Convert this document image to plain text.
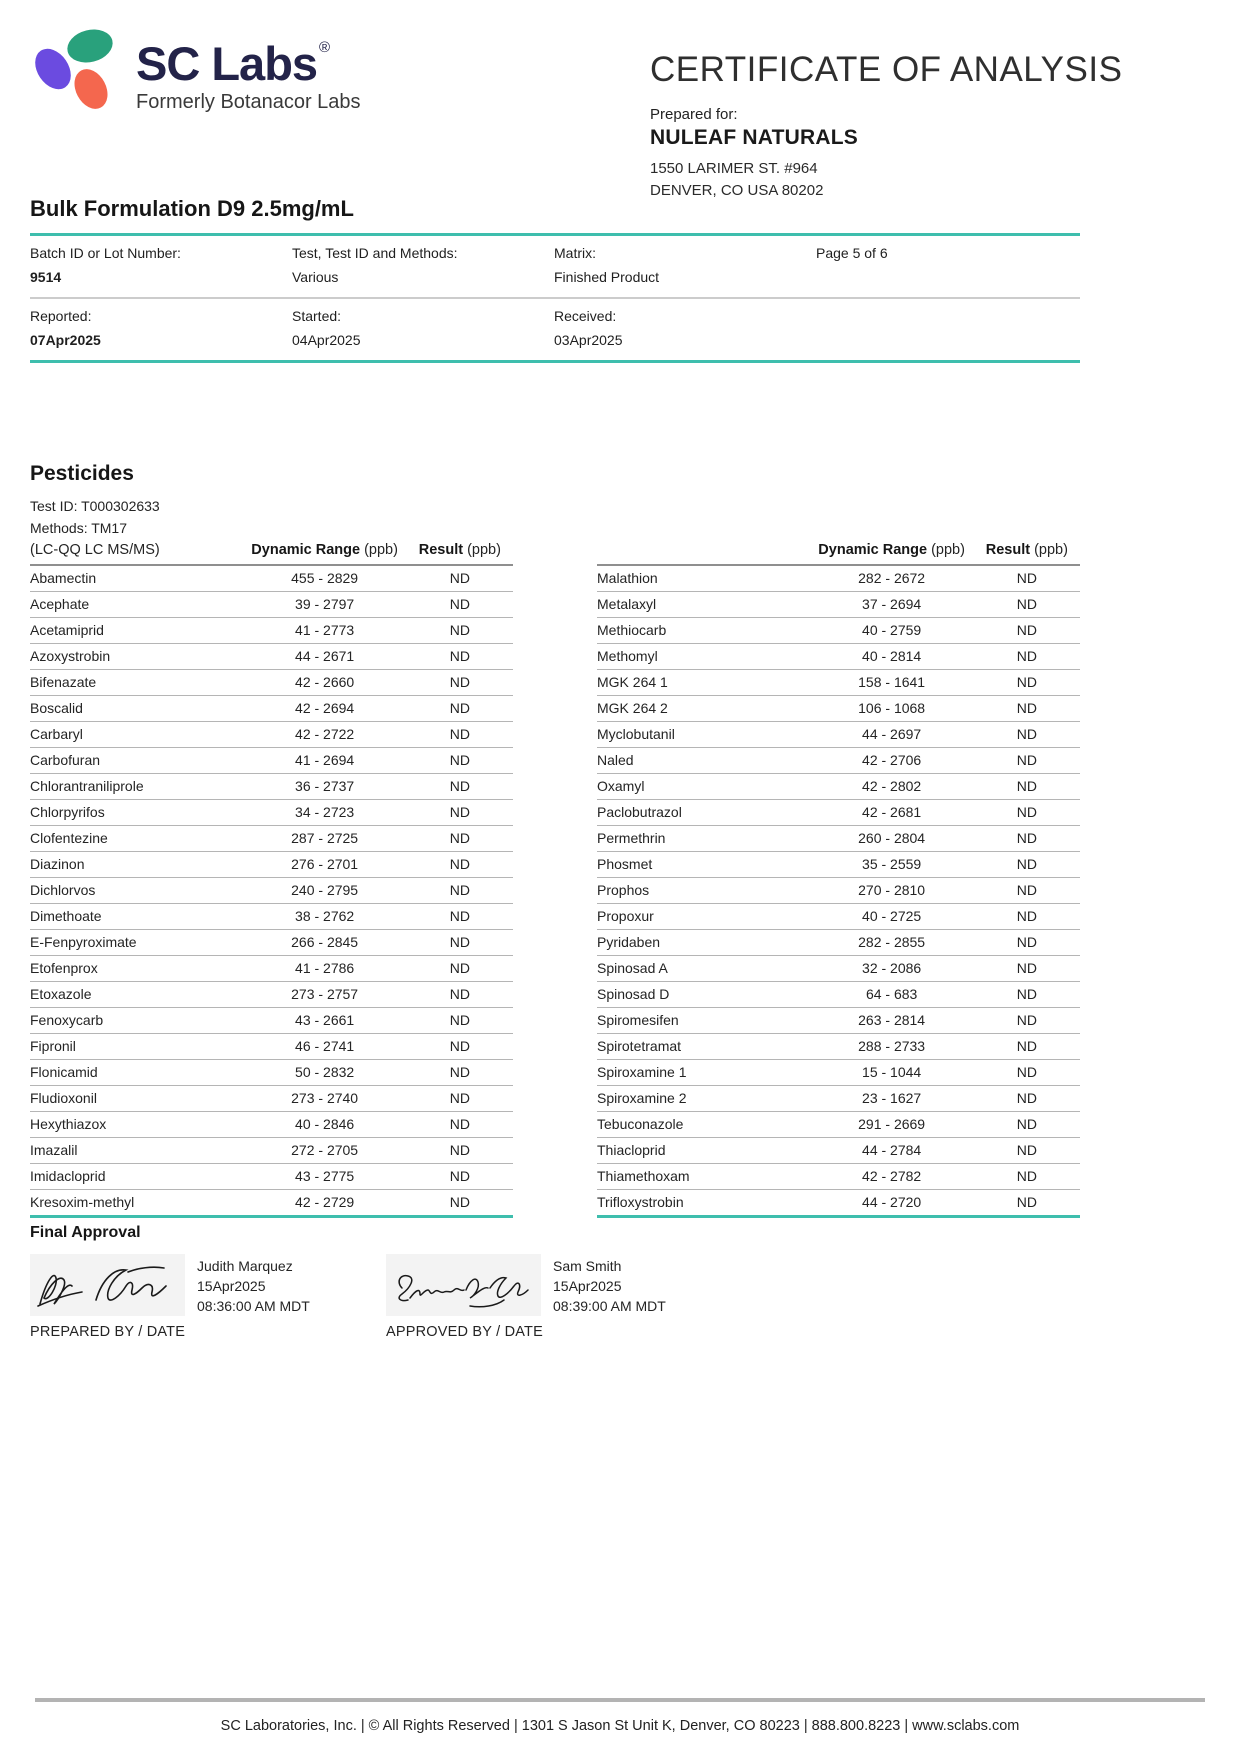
SC Labs ®
Formerly Botanacor Labs
CERTIFICATE OF ANALYSIS
Prepared for:
NULEAF NATURALS
1550 LARIMER ST. #964
DENVER, CO USA 80202
Bulk Formulation D9 2.5mg/mL
Batch ID or Lot Number:
9514
Test, Test ID and Methods:
Various
Matrix:
Finished Product
Page 5 of 6
Reported:
07Apr2025
Started:
04Apr2025
Received:
03Apr2025
Pesticides
Test ID: T000302633
Methods: TM17
(LC-QQ LC MS/MS)	Dynamic Range (ppb)	Result (ppb)
Abamectin	455 - 2829	ND
Acephate	39 - 2797	ND
Acetamiprid	41 - 2773	ND
Azoxystrobin	44 - 2671	ND
Bifenazate	42 - 2660	ND
Boscalid	42 - 2694	ND
Carbaryl	42 - 2722	ND
Carbofuran	41 - 2694	ND
Chlorantraniliprole	36 - 2737	ND
Chlorpyrifos	34 - 2723	ND
Clofentezine	287 - 2725	ND
Diazinon	276 - 2701	ND
Dichlorvos	240 - 2795	ND
Dimethoate	38 - 2762	ND
E-Fenpyroximate	266 - 2845	ND
Etofenprox	41 - 2786	ND
Etoxazole	273 - 2757	ND
Fenoxycarb	43 - 2661	ND
Fipronil	46 - 2741	ND
Flonicamid	50 - 2832	ND
Fludioxonil	273 - 2740	ND
Hexythiazox	40 - 2846	ND
Imazalil	272 - 2705	ND
Imidacloprid	43 - 2775	ND
Kresoxim-methyl	42 - 2729	ND
	Dynamic Range (ppb)	Result (ppb)
Malathion	282 - 2672	ND
Metalaxyl	37 - 2694	ND
Methiocarb	40 - 2759	ND
Methomyl	40 - 2814	ND
MGK 264 1	158 - 1641	ND
MGK 264 2	106 - 1068	ND
Myclobutanil	44 - 2697	ND
Naled	42 - 2706	ND
Oxamyl	42 - 2802	ND
Paclobutrazol	42 - 2681	ND
Permethrin	260 - 2804	ND
Phosmet	35 - 2559	ND
Prophos	270 - 2810	ND
Propoxur	40 - 2725	ND
Pyridaben	282 - 2855	ND
Spinosad A	32 - 2086	ND
Spinosad D	64 - 683	ND
Spiromesifen	263 - 2814	ND
Spirotetramat	288 - 2733	ND
Spiroxamine 1	15 - 1044	ND
Spiroxamine 2	23 - 1627	ND
Tebuconazole	291 - 2669	ND
Thiacloprid	44 - 2784	ND
Thiamethoxam	42 - 2782	ND
Trifloxystrobin	44 - 2720	ND
Final Approval
Judith Marquez
15Apr2025
08:36:00 AM MDT
PREPARED BY / DATE
Sam Smith
15Apr2025
08:39:00 AM MDT
APPROVED BY / DATE
SC Laboratories, Inc. | © All Rights Reserved | 1301 S Jason St Unit K, Denver, CO 80223 | 888.800.8223 | www.sclabs.com
